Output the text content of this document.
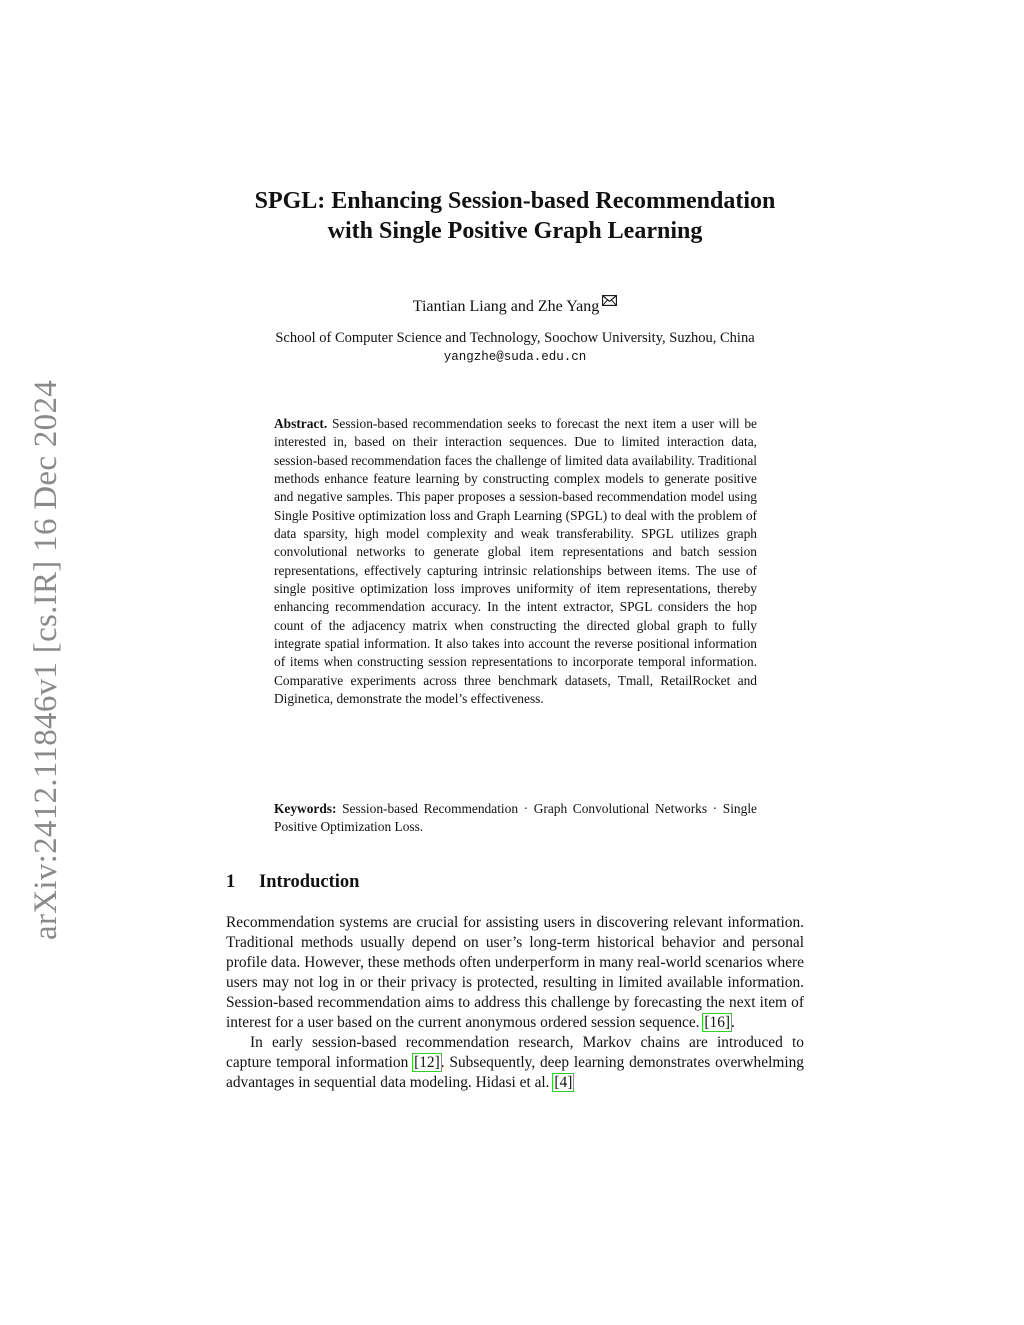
arXiv:2412.11846v1 [cs.IR] 16 Dec 2024
SPGL: Enhancing Session-based Recommendation
with Single Positive Graph Learning
Tiantian Liang and Zhe Yang
School of Computer Science and Technology, Soochow University, Suzhou, China
yangzhe@suda.edu.cn
Abstract. Session-based recommendation seeks to forecast the next item a user will be interested in, based on their interaction sequences. Due to limited interaction data, session-based recommendation faces the challenge of limited data availability. Traditional methods enhance feature learning by constructing complex models to generate positive and negative samples. This paper proposes a session-based recommendation model using Single Positive optimization loss and Graph Learning (SPGL) to deal with the problem of data sparsity, high model complexity and weak transferability. SPGL utilizes graph convolutional networks to generate global item representations and batch session representations, effectively capturing intrinsic relationships between items. The use of single positive optimization loss improves uniformity of item representations, thereby enhancing recommendation accuracy. In the intent extractor, SPGL considers the hop count of the adjacency matrix when constructing the directed global graph to fully integrate spatial information. It also takes into account the reverse positional information of items when constructing session representations to incorporate temporal information. Comparative experiments across three benchmark datasets, Tmall, RetailRocket and Diginetica, demonstrate the model’s effectiveness.
Keywords: Session-based Recommendation · Graph Convolutional Networks · Single Positive Optimization Loss.
1 Introduction

Recommendation systems are crucial for assisting users in discovering relevant information. Traditional methods usually depend on user’s long-term historical behavior and personal profile data. However, these methods often underperform in many real-world scenarios where users may not log in or their privacy is protected, resulting in limited available information. Session-based recommendation aims to address this challenge by forecasting the next item of interest for a user based on the current anonymous ordered session sequence. [16].

In early session-based recommendation research, Markov chains are introduced to capture temporal information [12]. Subsequently, deep learning demonstrates overwhelming advantages in sequential data modeling. Hidasi et al. [4]
